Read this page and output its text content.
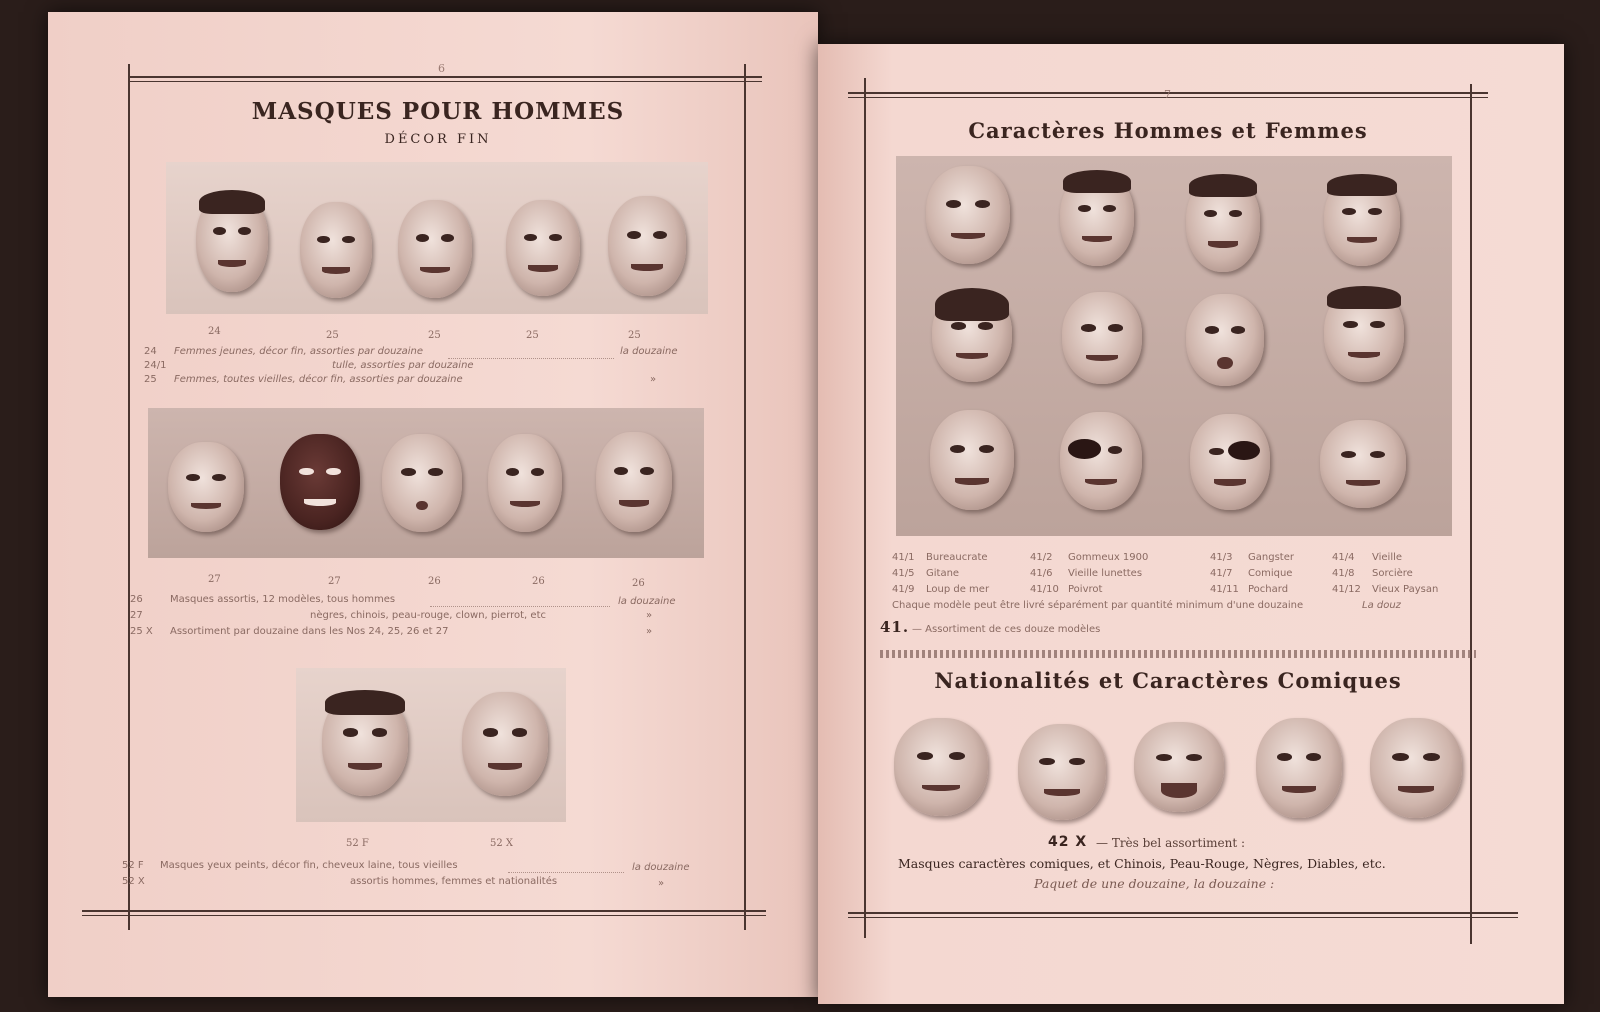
6
MASQUES POUR HOMMES
DÉCOR FIN
24	25	25	25	25
24 Femmes jeunes, décor fin, assorties par douzaine	la douzaine
24/1	tulle, assorties par douzaine
25 Femmes, toutes vieilles, décor fin, assorties par douzaine	»
27	27	26	26	26
26	Masques assortis, 12 modèles, tous hommes	la douzaine
27	nègres, chinois, peau-rouge, clown, pierrot, etc	»
25 X Assortiment par douzaine dans les Nos 24, 25, 26 et 27	»
52 F	52 X
52 F Masques yeux peints, décor fin, cheveux laine, tous vieilles	la douzaine
52 X	assortis hommes, femmes et nationalités	»
7
Caractères Hommes et Femmes
41/1 Bureaucrate	41/2 Gommeux 1900	41/3 Gangster	41/4 Vieille
41/5 Gitane	41/6 Vieille lunettes	41/7 Comique	41/8 Sorcière
41/9 Loup de mer	41/10 Poivrot	41/11 Pochard	41/12 Vieux Paysan
Chaque modèle peut être livré séparément par quantité minimum d'une douzaine	La douz
41. — Assortiment de ces douze modèles
Nationalités et Caractères Comiques
42 X — Très bel assortiment :
Masques caractères comiques, et Chinois, Peau-Rouge, Nègres, Diables, etc.
Paquet de une douzaine, la douzaine :
